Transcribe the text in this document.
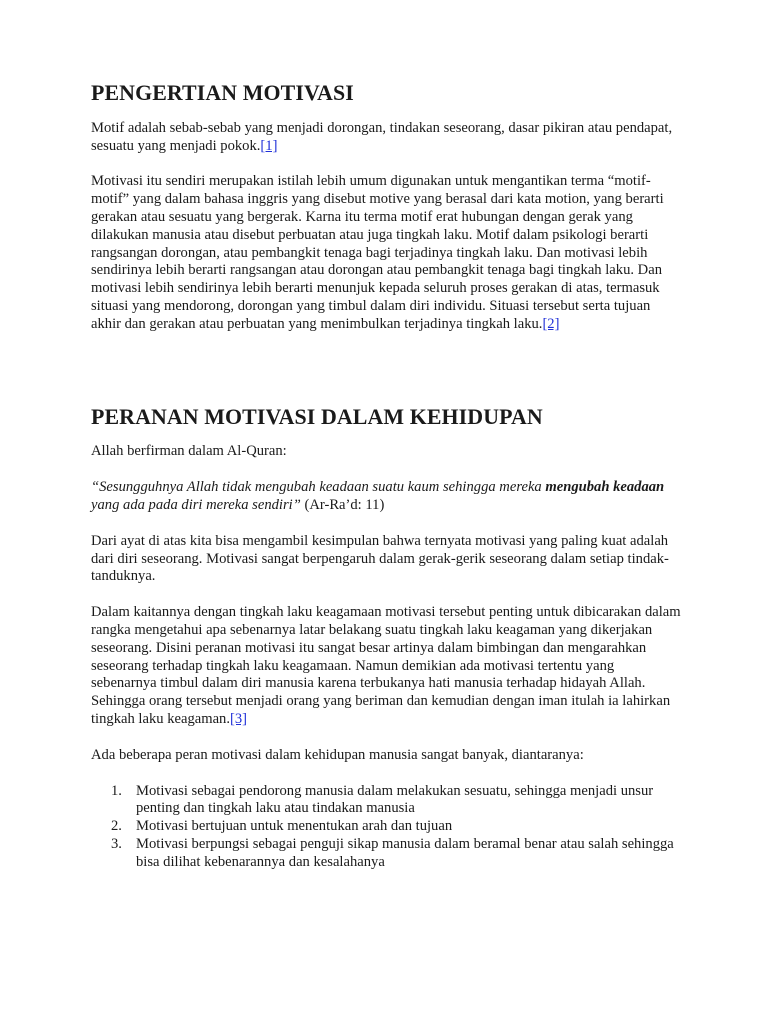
PENGERTIAN MOTIVASI

Motif adalah sebab-sebab yang menjadi dorongan, tindakan seseorang, dasar pikiran atau pendapat, sesuatu yang menjadi pokok.[1]

Motivasi itu sendiri merupakan istilah lebih umum digunakan untuk mengantikan terma “motif-motif” yang dalam bahasa inggris yang disebut motive yang berasal dari kata motion, yang berarti gerakan atau sesuatu yang bergerak. Karna itu terma motif erat hubungan dengan gerak yang dilakukan manusia atau disebut perbuatan atau juga tingkah laku. Motif dalam psikologi berarti rangsangan dorongan, atau pembangkit tenaga bagi terjadinya tingkah laku. Dan motivasi lebih sendirinya lebih berarti rangsangan atau dorongan atau pembangkit tenaga bagi tingkah laku. Dan motivasi lebih sendirinya lebih berarti menunjuk kepada seluruh proses gerakan di atas, termasuk situasi yang mendorong, dorongan yang timbul dalam diri individu. Situasi tersebut serta tujuan akhir dan gerakan atau perbuatan yang menimbulkan terjadinya tingkah laku.[2]

PERANAN MOTIVASI DALAM KEHIDUPAN

Allah berfirman dalam Al-Quran:

“Sesungguhnya Allah tidak mengubah keadaan suatu kaum sehingga mereka mengubah keadaan yang ada pada diri mereka sendiri” (Ar-Ra’d: 11)

Dari ayat di atas kita bisa mengambil kesimpulan bahwa ternyata motivasi yang paling kuat adalah dari diri seseorang. Motivasi sangat berpengaruh dalam gerak-gerik seseorang dalam setiap tindak-tanduknya.

Dalam kaitannya dengan tingkah laku keagamaan motivasi tersebut penting untuk dibicarakan dalam rangka mengetahui apa sebenarnya latar belakang suatu tingkah laku keagaman yang dikerjakan seseorang. Disini peranan motivasi itu sangat besar artinya dalam bimbingan dan mengarahkan seseorang terhadap tingkah laku keagamaan. Namun demikian ada motivasi tertentu yang sebenarnya timbul dalam diri manusia karena terbukanya hati manusia terhadap hidayah Allah. Sehingga orang tersebut menjadi orang yang beriman dan kemudian dengan iman itulah ia lahirkan tingkah laku keagaman.[3]

Ada beberapa peran motivasi dalam kehidupan manusia sangat banyak, diantaranya:

1. Motivasi sebagai pendorong manusia dalam melakukan sesuatu, sehingga menjadi unsur penting dan tingkah laku atau tindakan manusia
2. Motivasi bertujuan untuk menentukan arah dan tujuan
3. Motivasi berpungsi sebagai penguji sikap manusia dalam beramal benar atau salah sehingga bisa dilihat kebenarannya dan kesalahanya
